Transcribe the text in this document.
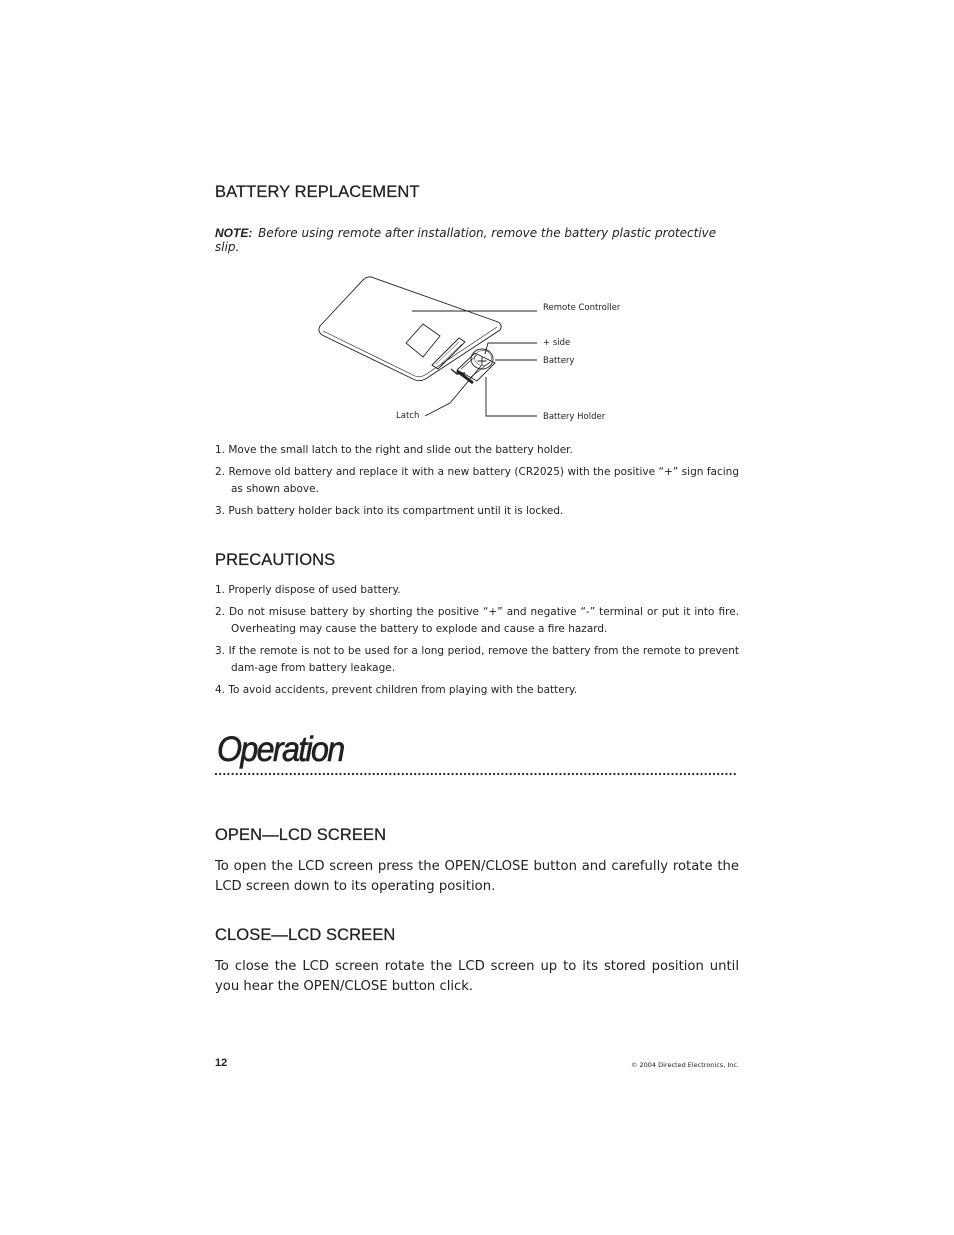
BATTERY REPLACEMENT

NOTE: Before using remote after installation, remove the battery plastic protective slip.

Remote Controller
+ side
Battery
Latch	Battery Holder
1. Move the small latch to the right and slide out the battery holder.
2. Remove old battery and replace it with a new battery (CR2025) with the positive “+” sign facing as shown above.
3. Push battery holder back into its compartment until it is locked.
PRECAUTIONS
1. Properly dispose of used battery.
2. Do not misuse battery by shorting the positive “+” and negative “-” terminal or put it into fire. Overheating may cause the battery to explode and cause a fire hazard.
3. If the remote is not to be used for a long period, remove the battery from the remote to prevent dam-age from battery leakage.
4. To avoid accidents, prevent children from playing with the battery.
Operation
OPEN—LCD SCREEN

To open the LCD screen press the OPEN/CLOSE button and carefully rotate the LCD screen down to its operating position.

CLOSE—LCD SCREEN

To close the LCD screen rotate the LCD screen up to its stored position until you hear the OPEN/CLOSE button click.

12	© 2004 Directed Electronics, Inc.
